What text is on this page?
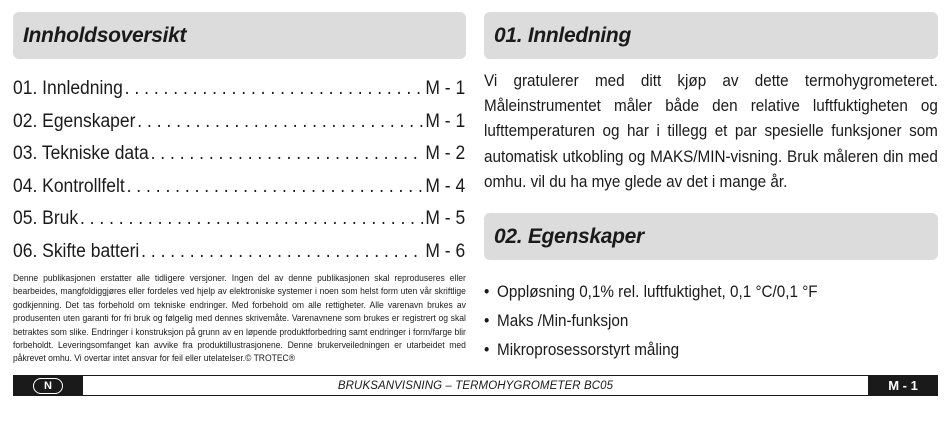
Innholdsoversikt
01. Innledning . . .	M - 1
02. Egenskaper . . .	M - 1
03. Tekniske data . . .	M - 2
04. Kontrollfelt . . .	M - 4
05. Bruk . . .	M - 5
06. Skifte batteri . . .	M - 6

Denne publikasjonen erstatter alle tidligere versjoner. Ingen del av denne publikasjonen skal reproduseres eller bearbeides, mangfoldiggjøres eller fordeles ved hjelp av elektroniske systemer i noen som helst form uten vår skriftlige godkjenning. Det tas forbehold om tekniske endringer. Med forbehold om alle rettigheter. Alle varenavn brukes av produsenten uten garanti for fri bruk og følgelig med dennes skrivemåte. Varenavnene som brukes er registrert og skal betraktes som slike. Endringer i konstruksjon på grunn av en løpende produktforbedring samt endringer i form/farge blir forbeholdt. Leveringsomfanget kan avvike fra produktillustrasjonene. Denne brukerveiledningen er utarbeidet med påkrevet omhu. Vi overtar intet ansvar for feil eller utelatelser.© TROTEC®

01. Innledning

Vi gratulerer med ditt kjøp av dette termohygrometeret. Måleinstrumentet måler både den relative luftfuktigheten og lufttemperaturen og har i tillegg et par spesielle funksjoner som automatisk utkobling og MAKS/MIN-visning. Bruk måleren din med omhu. vil du ha mye glede av det i mange år.

02. Egenskaper
• Oppløsning 0,1% rel. luftfuktighet, 0,1 °C/0,1 °F
• Maks /Min-funksjon
• Mikroprosessorstyrt måling
N	BRUKSANVISNING – TERMOHYGROMETER BC05	M - 1
